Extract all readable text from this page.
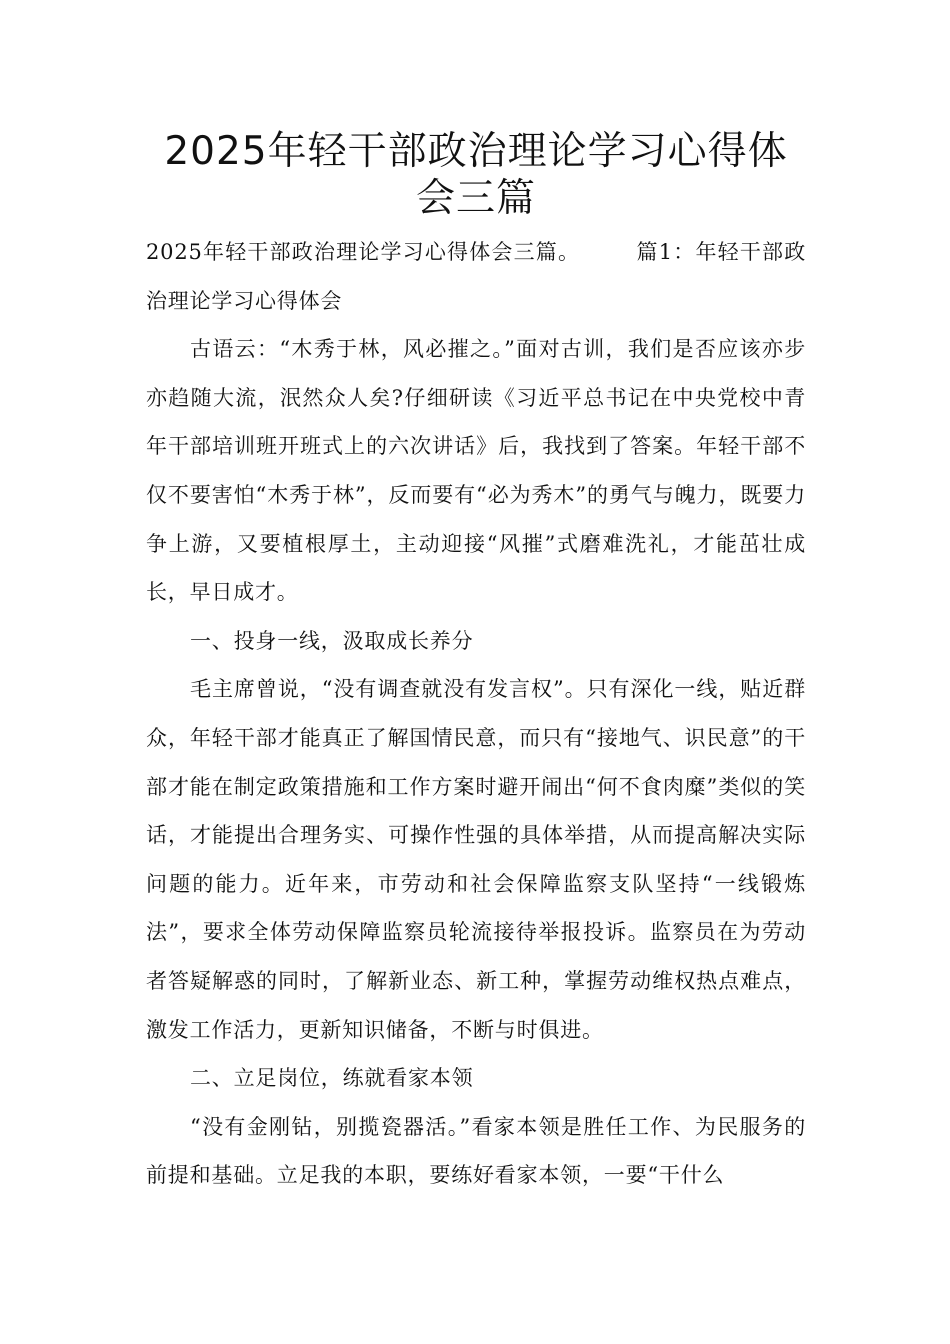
2025年轻干部政治理论学习心得体会三篇

2025年轻干部政治理论学习心得体会三篇。	篇1：年轻干部政治理论学习心得体会

古语云：“木秀于林，风必摧之。”面对古训，我们是否应该亦步亦趋随大流，泯然众人矣?仔细研读《习近平总书记在中央党校中青年干部培训班开班式上的六次讲话》后，我找到了答案。年轻干部不仅不要害怕“木秀于林”，反而要有“必为秀木”的勇气与魄力，既要力争上游，又要植根厚土，主动迎接“风摧”式磨难洗礼，才能茁壮成长，早日成才。

一、投身一线，汲取成长养分

毛主席曾说，“没有调查就没有发言权”。只有深化一线，贴近群众，年轻干部才能真正了解国情民意，而只有“接地气、识民意”的干部才能在制定政策措施和工作方案时避开闹出“何不食肉糜”类似的笑话，才能提出合理务实、可操作性强的具体举措，从而提高解决实际问题的能力。近年来，市劳动和社会保障监察支队坚持“一线锻炼法”，要求全体劳动保障监察员轮流接待举报投诉。监察员在为劳动者答疑解惑的同时，了解新业态、新工种，掌握劳动维权热点难点，激发工作活力，更新知识储备，不断与时俱进。

二、立足岗位，练就看家本领

“没有金刚钻，别揽瓷器活。”看家本领是胜任工作、为民服务的前提和基础。立足我的本职，要练好看家本领，一要“干什么
